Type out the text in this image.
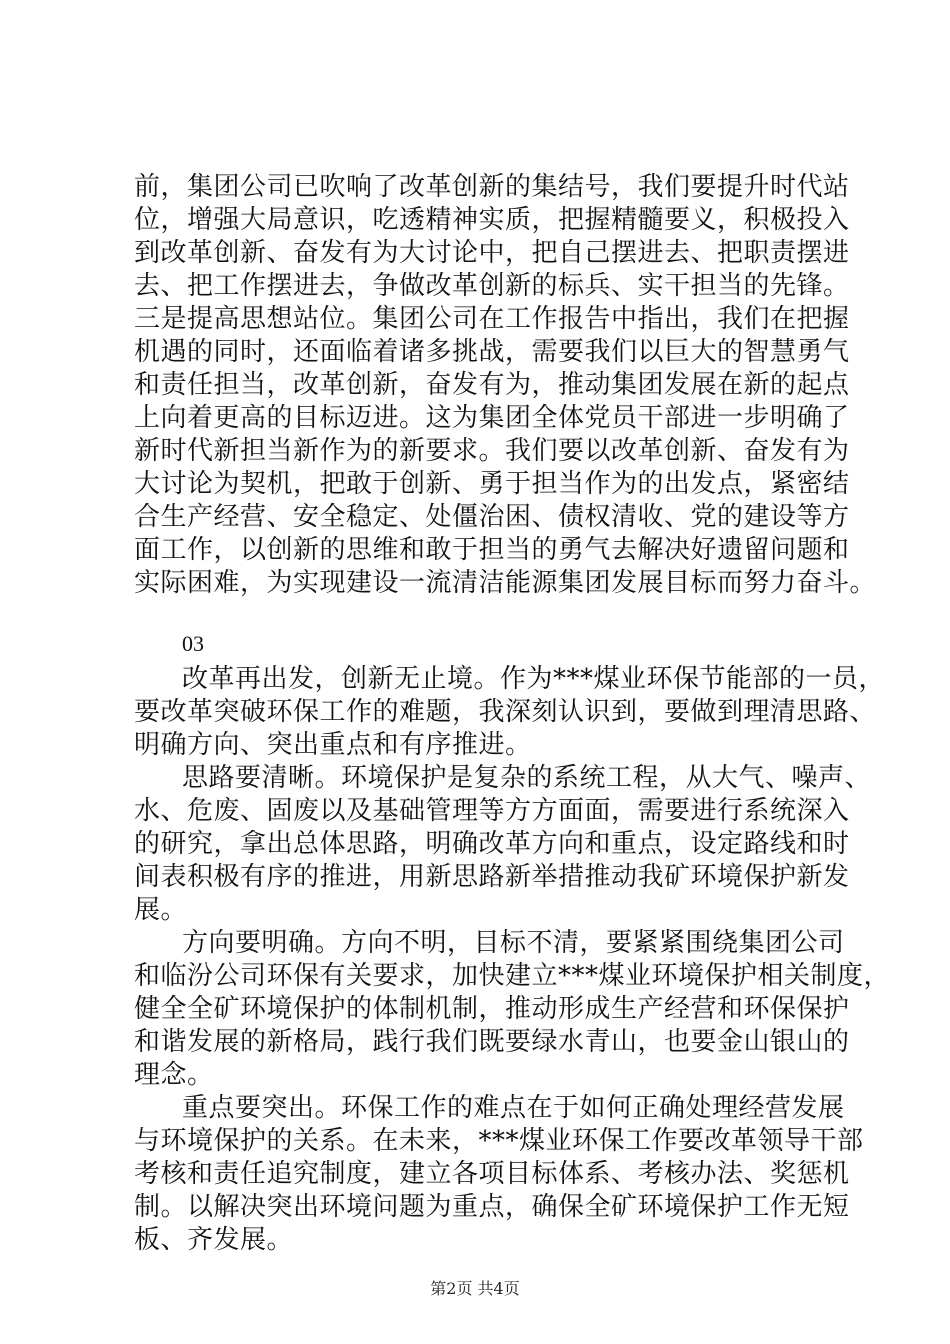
前，集团公司已吹响了改革创新的集结号，我们要提升时代站
位，增强大局意识，吃透精神实质，把握精髓要义，积极投入
到改革创新、奋发有为大讨论中，把自己摆进去、把职责摆进
去、把工作摆进去，争做改革创新的标兵、实干担当的先锋。
三是提高思想站位。集团公司在工作报告中指出，我们在把握
机遇的同时，还面临着诸多挑战，需要我们以巨大的智慧勇气
和责任担当，改革创新，奋发有为，推动集团发展在新的起点
上向着更高的目标迈进。这为集团全体党员干部进一步明确了
新时代新担当新作为的新要求。我们要以改革创新、奋发有为
大讨论为契机，把敢于创新、勇于担当作为的出发点，紧密结
合生产经营、安全稳定、处僵治困、债权清收、党的建设等方
面工作，以创新的思维和敢于担当的勇气去解决好遗留问题和
实际困难，为实现建设一流清洁能源集团发展目标而努力奋斗。
03
改革再出发，创新无止境。作为***煤业环保节能部的一员，
要改革突破环保工作的难题，我深刻认识到，要做到理清思路、
明确方向、突出重点和有序推进。
思路要清晰。环境保护是复杂的系统工程，从大气、噪声、
水、危废、固废以及基础管理等方方面面，需要进行系统深入
的研究，拿出总体思路，明确改革方向和重点，设定路线和时
间表积极有序的推进，用新思路新举措推动我矿环境保护新发
展。
方向要明确。方向不明，目标不清，要紧紧围绕集团公司
和临汾公司环保有关要求，加快建立***煤业环境保护相关制度，
健全全矿环境保护的体制机制，推动形成生产经营和环保保护
和谐发展的新格局，践行我们既要绿水青山，也要金山银山的
理念。
重点要突出。环保工作的难点在于如何正确处理经营发展
与环境保护的关系。在未来，***煤业环保工作要改革领导干部
考核和责任追究制度，建立各项目标体系、考核办法、奖惩机
制。以解决突出环境问题为重点，确保全矿环境保护工作无短
板、齐发展。
第2页 共4页
